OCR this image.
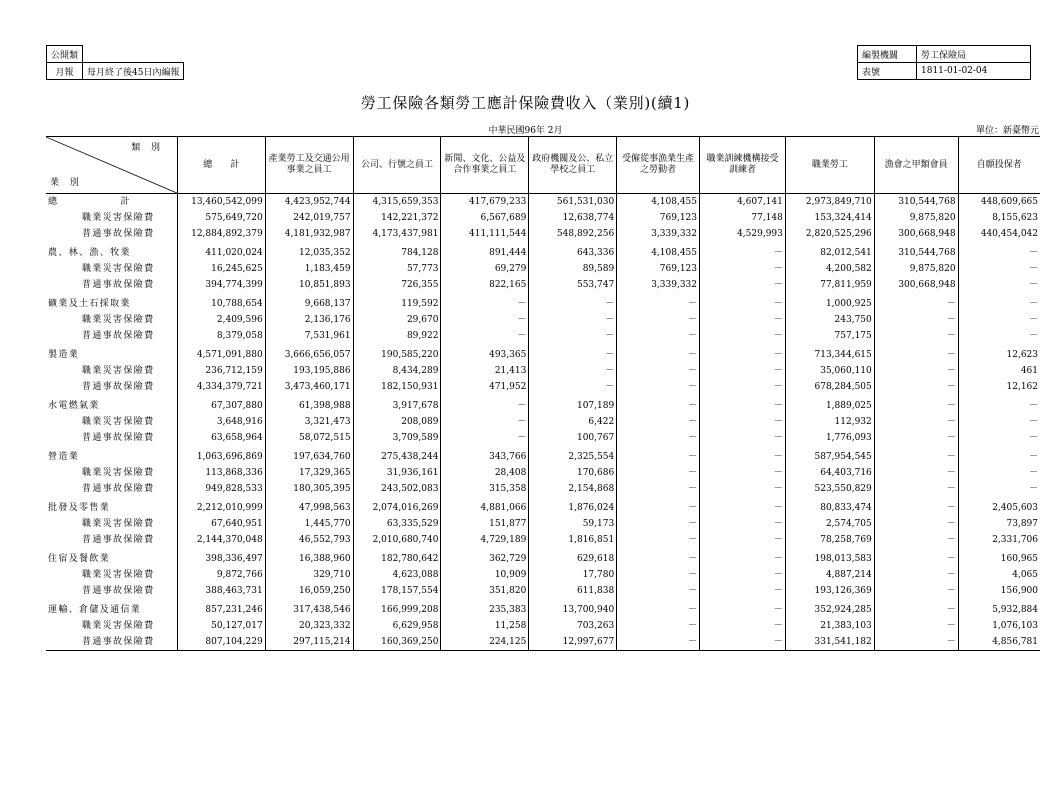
公開類	
月報	每月終了後45日內編報
編製機關	勞工保險局
表號	1811-01-02-04
勞工保險各類勞工應計保險費收入（業別)(續1)
中華民國96年 2月	單位：新臺幣元
類別
業別	總　　計	產業勞工及交通公用事業之員工	公司、行號之員工	新聞、文化、公益及合作事業之員工	政府機關及公、私立學校之員工	受僱從事漁業生產之勞動者	職業訓練機構接受訓練者	職業勞工	漁會之甲類會員	自願投保者
總　　　　　　計	13,460,542,099	4,423,952,744	4,315,659,353	417,679,233	561,531,030	4,108,455	4,607,141	2,973,849,710	310,544,768	448,609,665
職業災害保險費	575,649,720	242,019,757	142,221,372	6,567,689	12,638,774	769,123	77,148	153,324,414	9,875,820	8,155,623
普通事故保險費	12,884,892,379	4,181,932,987	4,173,437,981	411,111,544	548,892,256	3,339,332	4,529,993	2,820,525,296	300,668,948	440,454,042
農、林、漁、牧業	411,020,024	12,035,352	784,128	891,444	643,336	4,108,455	－	82,012,541	310,544,768	－
職業災害保險費	16,245,625	1,183,459	57,773	69,279	89,589	769,123	－	4,200,582	9,875,820	－
普通事故保險費	394,774,399	10,851,893	726,355	822,165	553,747	3,339,332	－	77,811,959	300,668,948	－
礦業及土石採取業	10,788,654	9,668,137	119,592	－	－	－	－	1,000,925	－	－
職業災害保險費	2,409,596	2,136,176	29,670	－	－	－	－	243,750	－	－
普通事故保險費	8,379,058	7,531,961	89,922	－	－	－	－	757,175	－	－
製造業	4,571,091,880	3,666,656,057	190,585,220	493,365	－	－	－	713,344,615	－	12,623
職業災害保險費	236,712,159	193,195,886	8,434,289	21,413	－	－	－	35,060,110	－	461
普通事故保險費	4,334,379,721	3,473,460,171	182,150,931	471,952	－	－	－	678,284,505	－	12,162
水電燃氣業	67,307,880	61,398,988	3,917,678	－	107,189	－	－	1,889,025	－	－
職業災害保險費	3,648,916	3,321,473	208,089	－	6,422	－	－	112,932	－	－
普通事故保險費	63,658,964	58,072,515	3,709,589	－	100,767	－	－	1,776,093	－	－
營造業	1,063,696,869	197,634,760	275,438,244	343,766	2,325,554	－	－	587,954,545	－	－
職業災害保險費	113,868,336	17,329,365	31,936,161	28,408	170,686	－	－	64,403,716	－	－
普通事故保險費	949,828,533	180,305,395	243,502,083	315,358	2,154,868	－	－	523,550,829	－	－
批發及零售業	2,212,010,999	47,998,563	2,074,016,269	4,881,066	1,876,024	－	－	80,833,474	－	2,405,603
職業災害保險費	67,640,951	1,445,770	63,335,529	151,877	59,173	－	－	2,574,705	－	73,897
普通事故保險費	2,144,370,048	46,552,793	2,010,680,740	4,729,189	1,816,851	－	－	78,258,769	－	2,331,706
住宿及餐飲業	398,336,497	16,388,960	182,780,642	362,729	629,618	－	－	198,013,583	－	160,965
職業災害保險費	9,872,766	329,710	4,623,088	10,909	17,780	－	－	4,887,214	－	4,065
普通事故保險費	388,463,731	16,059,250	178,157,554	351,820	611,838	－	－	193,126,369	－	156,900
運輸、倉儲及通信業	857,231,246	317,438,546	166,999,208	235,383	13,700,940	－	－	352,924,285	－	5,932,884
職業災害保險費	50,127,017	20,323,332	6,629,958	11,258	703,263	－	－	21,383,103	－	1,076,103
普通事故保險費	807,104,229	297,115,214	160,369,250	224,125	12,997,677	－	－	331,541,182	－	4,856,781
